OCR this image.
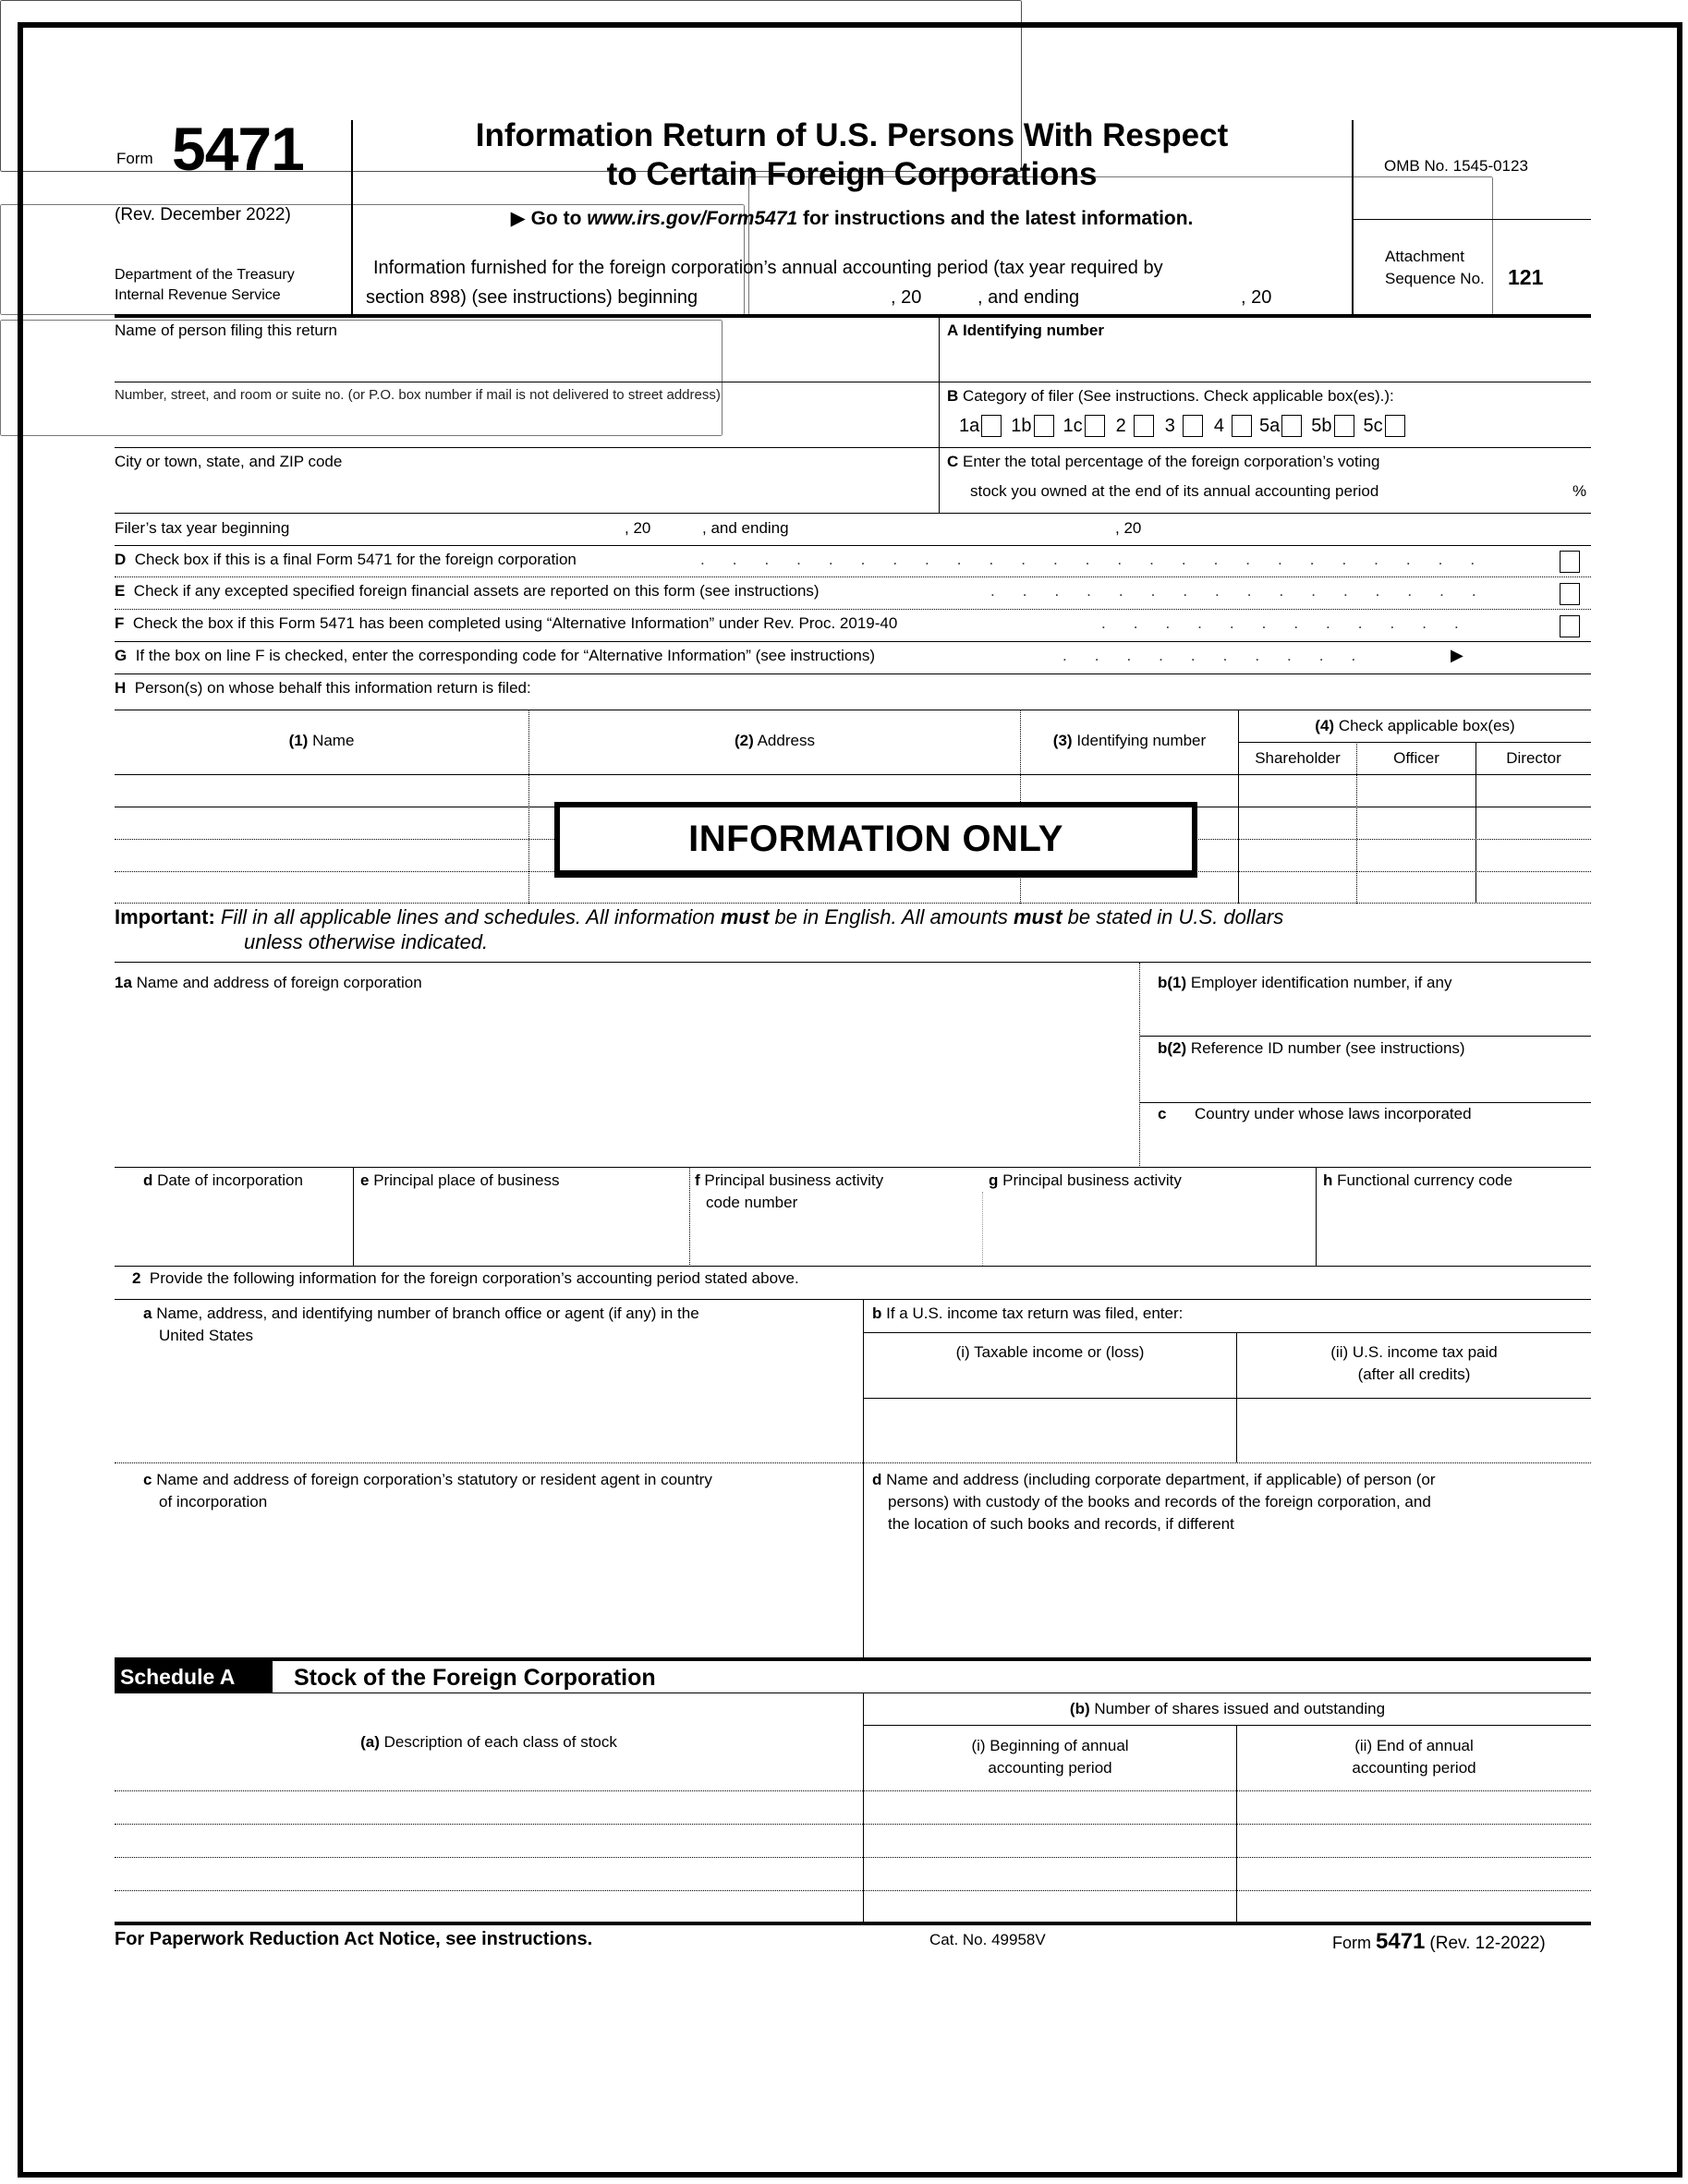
Form 5471
(Rev. December 2022)
Department of the Treasury
Internal Revenue Service
Information Return of U.S. Persons With Respect
to Certain Foreign Corporations
▶ Go to www.irs.gov/Form5471 for instructions and the latest information.
Information furnished for the foreign corporation’s annual accounting period (tax year required by
section 898) (see instructions) beginning	, 20	, and ending	, 20
OMB No. 1545-0123
Attachment
Sequence No. 121
Name of person filing this return	A Identifying number
Number, street, and room or suite no. (or P.O. box number if mail is not delivered to street address)	B Category of filer (See instructions. Check applicable box(es).):
1a 1b 1c 2 3 4 5a 5b 5c
City or town, state, and ZIP code	C Enter the total percentage of the foreign corporation’s voting
stock you owned at the end of its annual accounting period	%
Filer’s tax year beginning	, 20	, and ending	, 20
D Check box if this is a final Form 5471 for the foreign corporation	.........................
E Check if any excepted specified foreign financial assets are reported on this form (see instructions)	................
F Check the box if this Form 5471 has been completed using “Alternative Information” under Rev. Proc. 2019-40	............
G If the box on line F is checked, enter the corresponding code for “Alternative Information” (see instructions)	..........	▶
H Person(s) on whose behalf this information return is filed:
(1) Name	(2) Address	(3) Identifying number
(4) Check applicable box(es)
Shareholder	Officer	Director
INFORMATION ONLY
Important: Fill in all applicable lines and schedules. All information must be in English. All amounts must be stated in U.S. dollars
unless otherwise indicated.
1a Name and address of foreign corporation	b(1) Employer identification number, if any
b(2) Reference ID number (see instructions)
c Country under whose laws incorporated
d Date of incorporation	e Principal place of business	f Principal business activity
code number
g Principal business activity	h Functional currency code
2 Provide the following information for the foreign corporation’s accounting period stated above.
a Name, address, and identifying number of branch office or agent (if any) in the
United States

b If a U.S. income tax return was filed, enter:
(i) Taxable income or (loss)	(ii) U.S. income tax paid
(after all credits)
c Name and address of foreign corporation’s statutory or resident agent in country
of incorporation

d Name and address (including corporate department, if applicable) of person (or
persons) with custody of the books and records of the foreign corporation, and
the location of such books and records, if different
Schedule A	Stock of the Foreign Corporation
(b) Number of shares issued and outstanding
(a) Description of each class of stock	(i) Beginning of annual
accounting period
(ii) End of annual
accounting period
For Paperwork Reduction Act Notice, see instructions.	Cat. No. 49958V	Form 5471 (Rev. 12-2022)
